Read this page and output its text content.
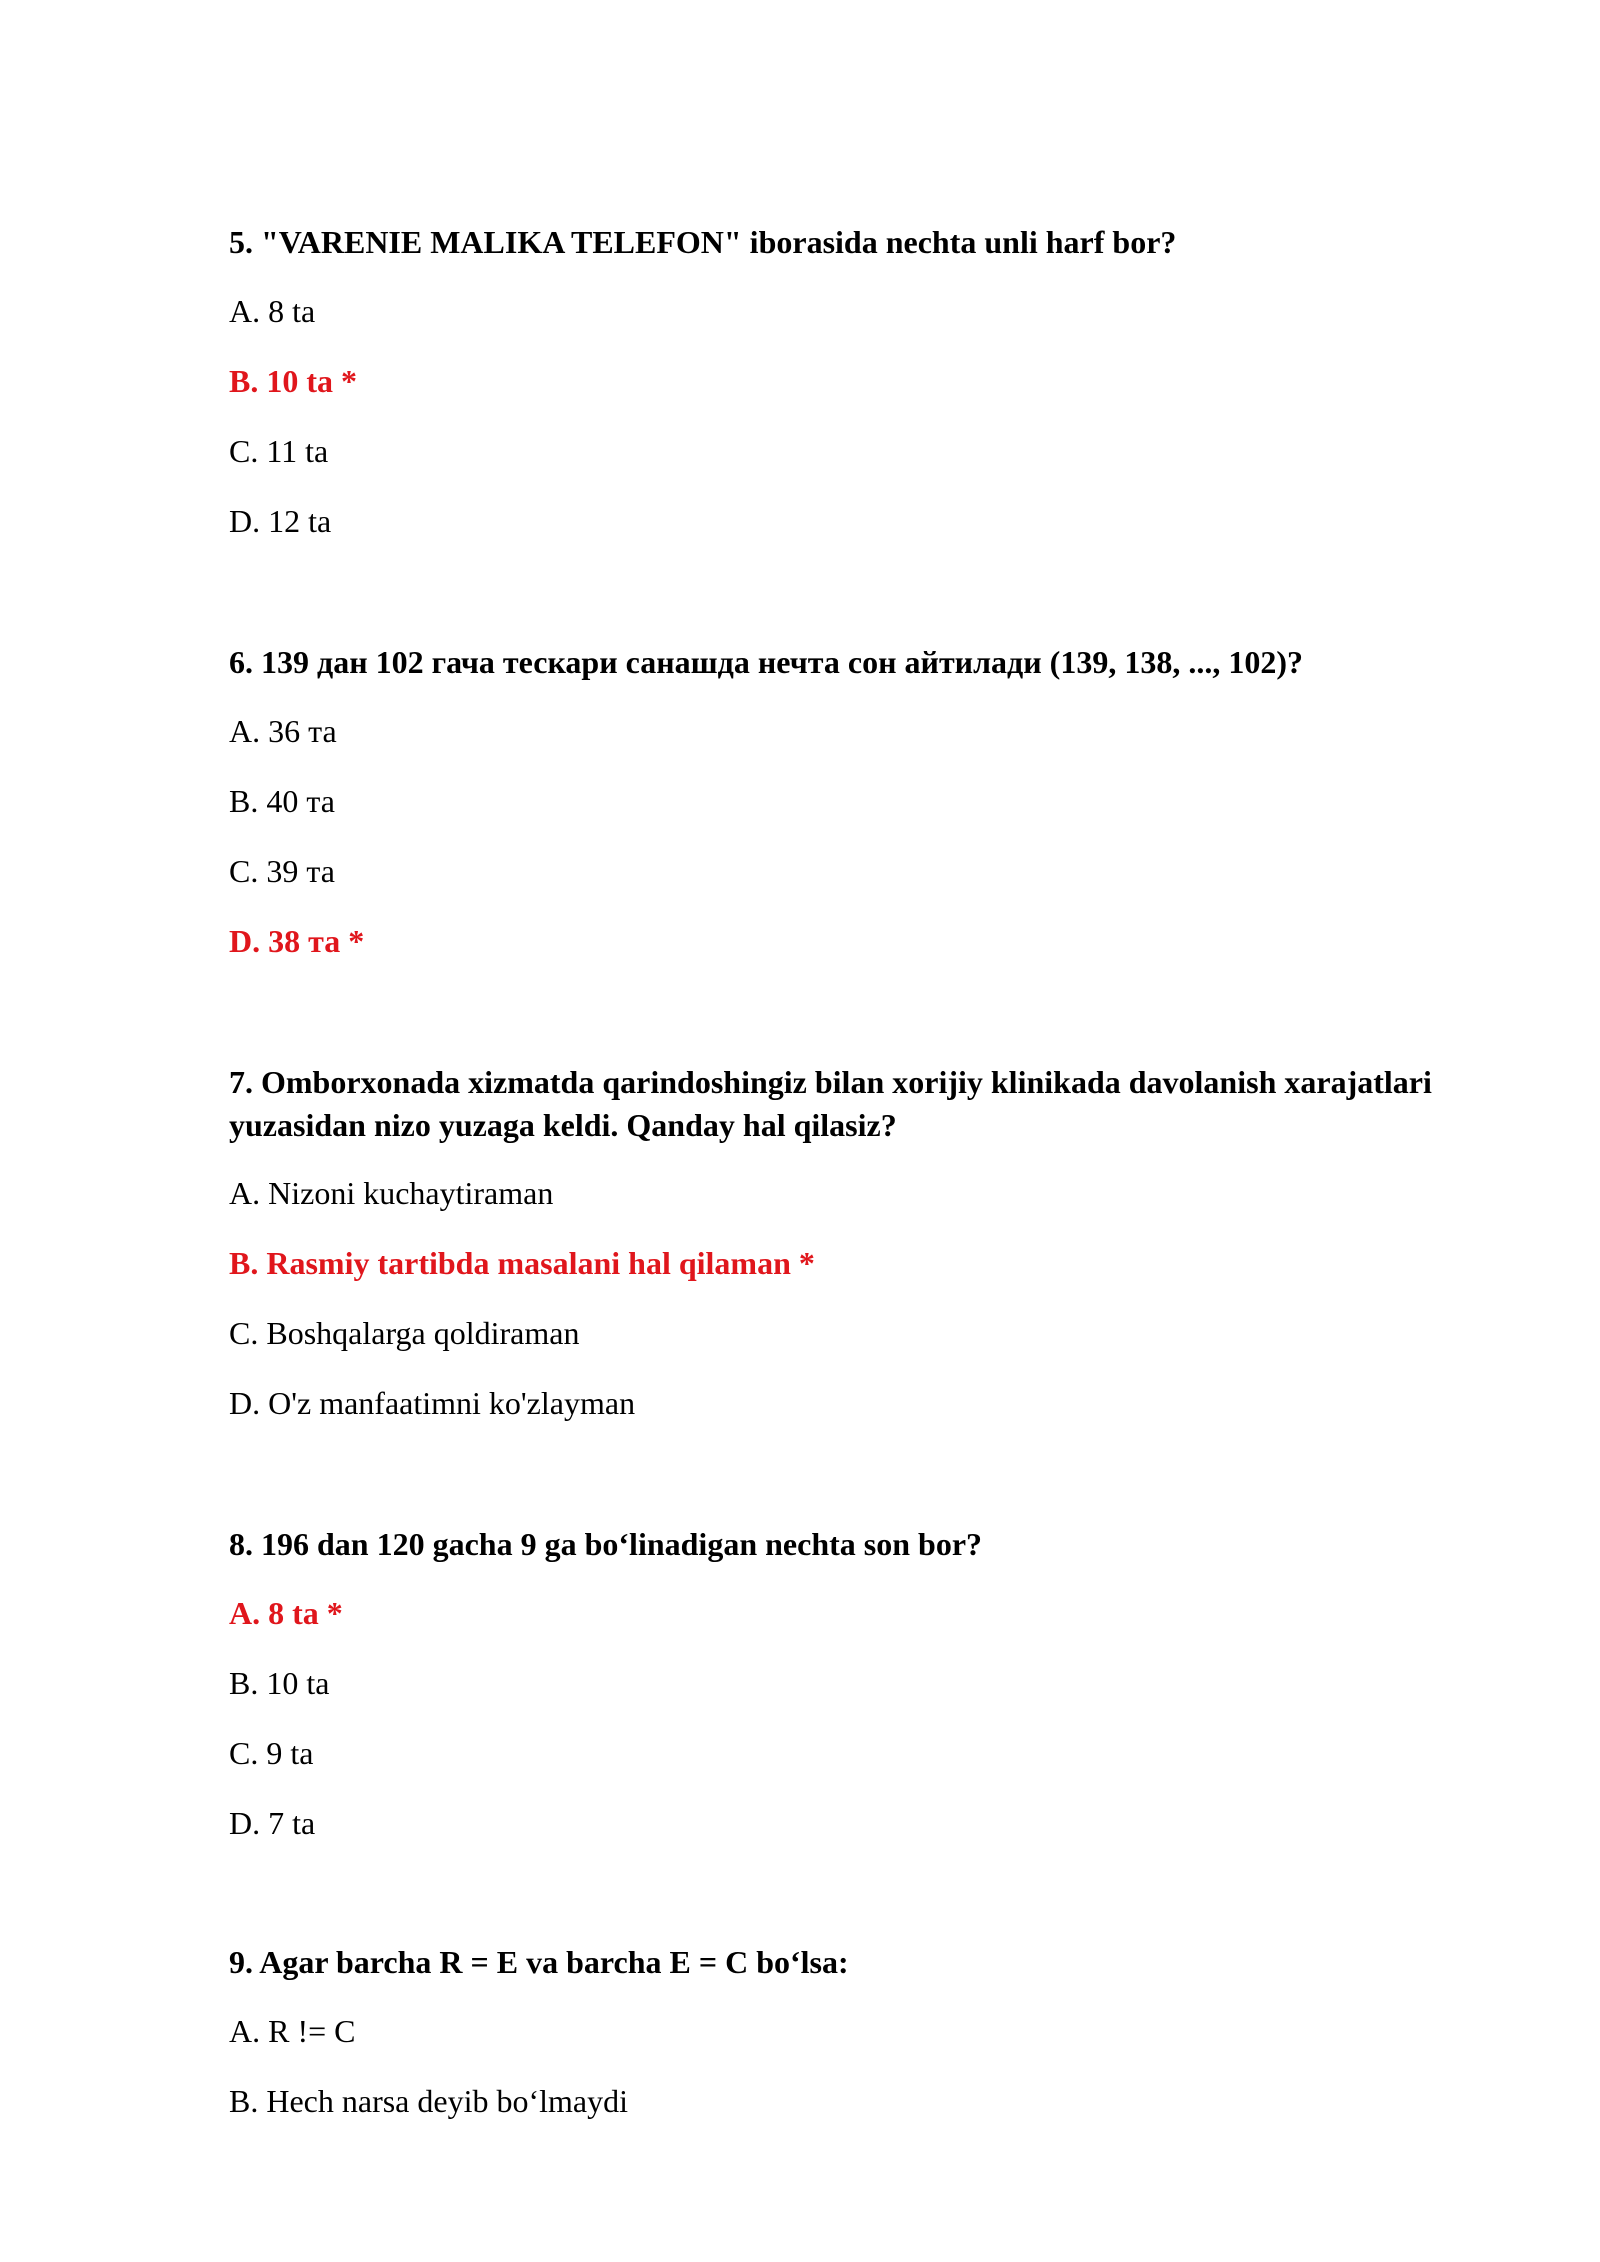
5. "VARENIE MALIKA TELEFON" iborasida nechta unli harf bor?

A. 8 ta
B. 10 ta *
C. 11 ta
D. 12 ta

6. 139 дан 102 гача тескари санашда нечта сон айтилади (139, 138, ..., 102)?

A. 36 та
B. 40 та
C. 39 та
D. 38 та *

7. Omborxonada xizmatda qarindoshingiz bilan xorijiy klinikada davolanish xarajatlari yuzasidan nizo yuzaga keldi. Qanday hal qilasiz?

A. Nizoni kuchaytiraman
B. Rasmiy tartibda masalani hal qilaman *
C. Boshqalarga qoldiraman
D. O'z manfaatimni ko'zlayman

8. 196 dan 120 gacha 9 ga bo‘linadigan nechta son bor?

A. 8 ta *
B. 10 ta
C. 9 ta
D. 7 ta

9. Agar barcha R = E va barcha E = C bo‘lsa:

A. R != C
B. Hech narsa deyib bo‘lmaydi
